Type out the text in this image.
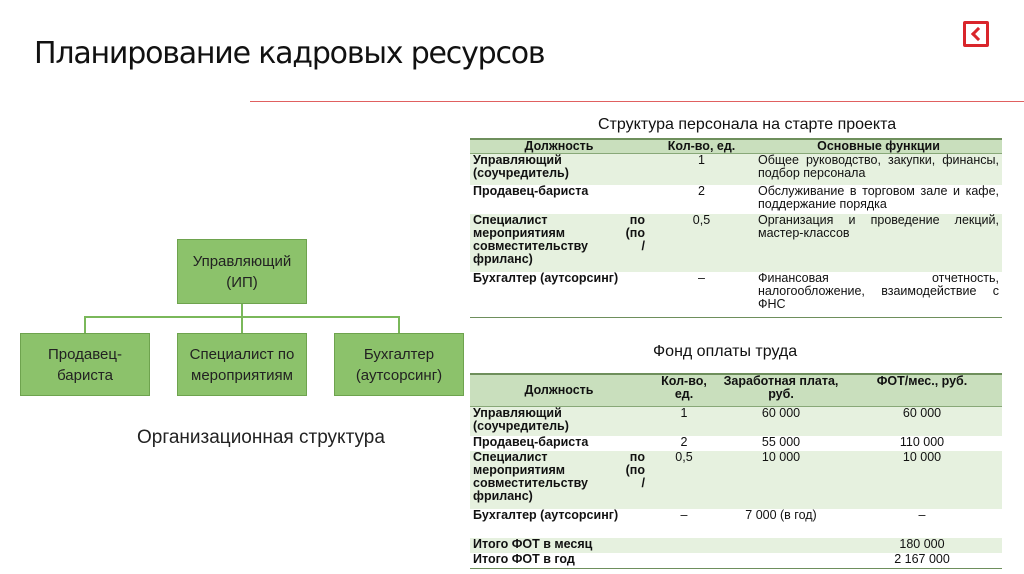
Планирование кадровых ресурсов
Управляющий (ИП)
Продавец-бариста
Специалист по мероприятиям
Бухгалтер (аутсорсинг)
Организационная структура
Структура персонала на старте проекта
Должность	Кол-во, ед.	Основные функции
Управляющий (соучредитель)	1	Общее руководство, закупки, финансы, подбор персонала
Продавец-бариста	2	Обслуживание в торговом зале и кафе, поддержание порядка
Специалист по мероприятиям (по совместительству / фриланс)	0,5	Организация и проведение лекций, мастер-классов
Бухгалтер (аутсорсинг)	–	Финансовая отчетность, налогообложение, взаимодействие с ФНС
Фонд оплаты труда
Должность	Кол-во, ед.	Заработная плата, руб.	ФОТ/мес., руб.
Управляющий (соучредитель)	1	60 000	60 000
Продавец-бариста	2	55 000	110 000
Специалист по мероприятиям (по совместительству / фриланс)	0,5	10 000	10 000
Бухгалтер (аутсорсинг)	–	7 000 (в год)	–
Итого ФОТ в месяц			180 000
Итого ФОТ в год			2 167 000
